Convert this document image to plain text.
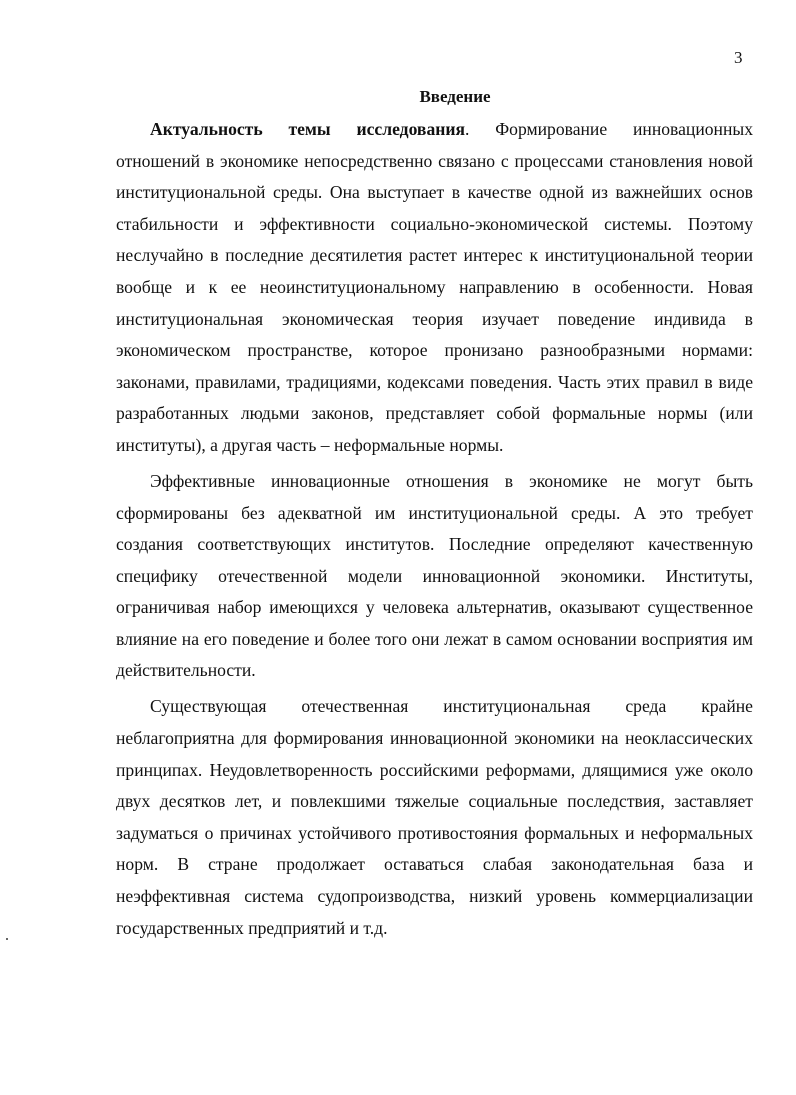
3
Введение

Актуальность темы исследования. Формирование инновационных отношений в экономике непосредственно связано с процессами становления новой институциональной среды. Она выступает в качестве одной из важнейших основ стабильности и эффективности социально-экономической системы. Поэтому неслучайно в последние десятилетия растет интерес к институциональной теории вообще и к ее неоинституциональному направлению в особенности. Новая институциональная экономическая теория изучает поведение индивида в экономическом пространстве, которое пронизано разнообразными нормами: законами, правилами, традициями, кодексами поведения. Часть этих правил в виде разработанных людьми законов, представляет собой формальные нормы (или институты), а другая часть – неформальные нормы.

Эффективные инновационные отношения в экономике не могут быть сформированы без адекватной им институциональной среды. А это требует создания соответствующих институтов. Последние определяют качественную специфику отечественной модели инновационной экономики. Институты, ограничивая набор имеющихся у человека альтернатив, оказывают существенное влияние на его поведение и более того они лежат в самом основании восприятия им действительности.

Существующая отечественная институциональная среда крайне неблагоприятна для формирования инновационной экономики на неоклассических принципах. Неудовлетворенность российскими реформами, длящимися уже около двух десятков лет, и повлекшими тяжелые социальные последствия, заставляет задуматься о причинах устойчивого противостояния формальных и неформальных норм. В стране продолжает оставаться слабая законодательная база и неэффективная система судопроизводства, низкий уровень коммерциализации государственных предприятий и т.д.
